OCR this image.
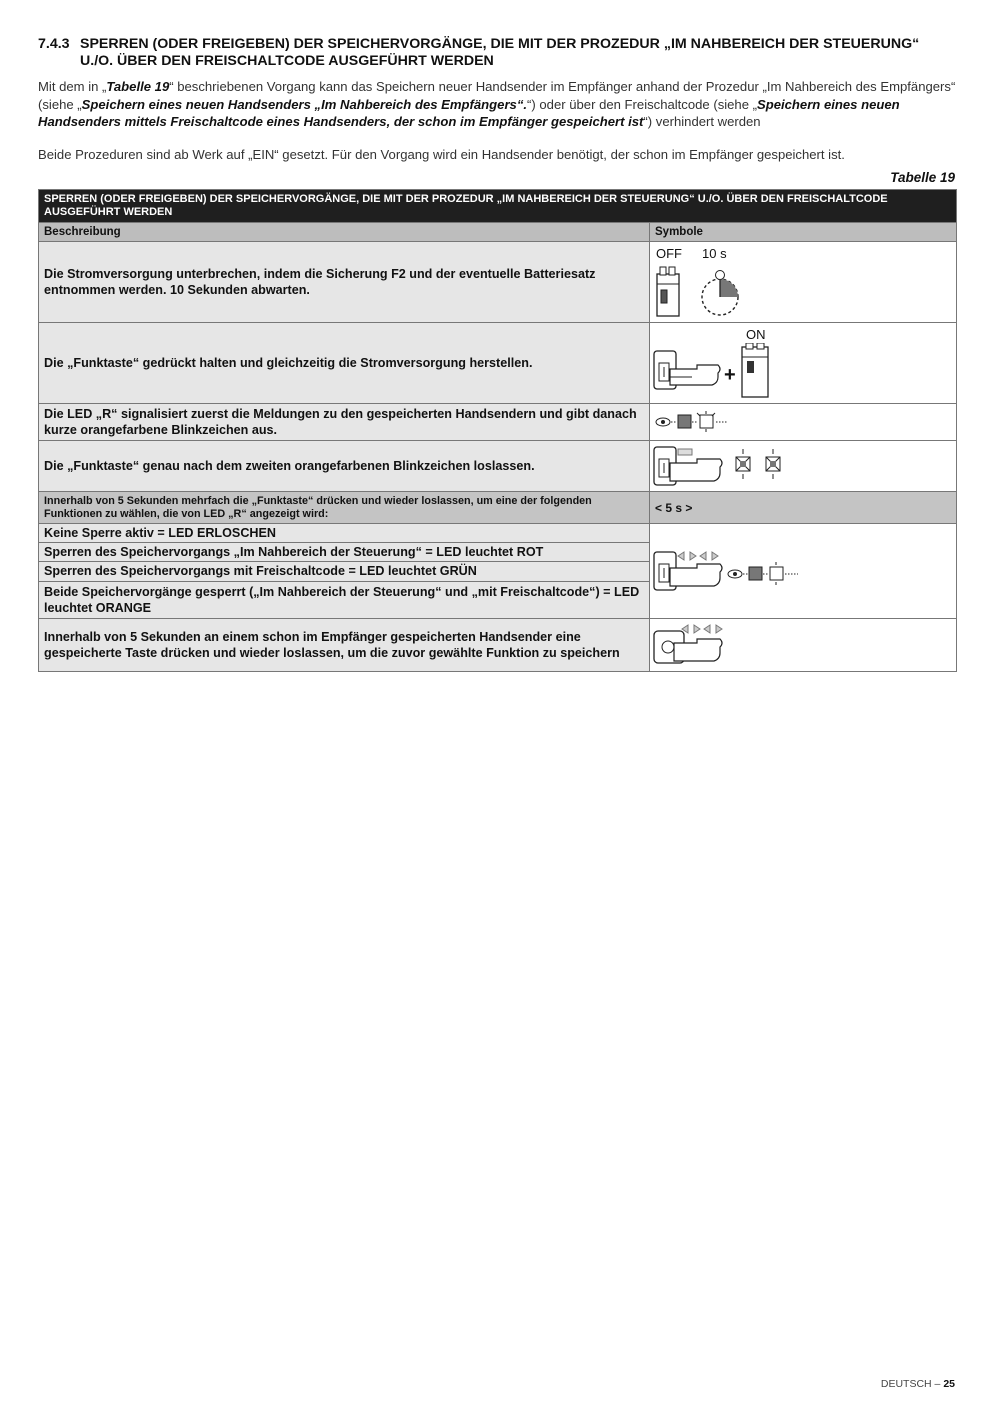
7.4.3 SPERREN (ODER FREIGEBEN) DER SPEICHERVORGÄNGE, DIE MIT DER PROZEDUR „IM NAHBEREICH DER STEUERUNG“ U./O. ÜBER DEN FREISCHALTCODE AUSGEFÜHRT WERDEN
Mit dem in „Tabelle 19“ beschriebenen Vorgang kann das Speichern neuer Handsender im Empfänger anhand der Prozedur „Im Nahbereich des Empfängers“ (siehe „Speichern eines neuen Handsenders „Im Nahbereich des Empfängers“.“) oder über den Freischaltcode (siehe „Speichern eines neuen Handsenders mittels Freischaltcode eines Handsenders, der schon im Empfänger gespeichert ist“) verhindert werden
Beide Prozeduren sind ab Werk auf „EIN“ gesetzt. Für den Vorgang wird ein Handsender benötigt, der schon im Empfänger gespeichert ist.
Tabelle 19
SPERREN (ODER FREIGEBEN) DER SPEICHERVORGÄNGE, DIE MIT DER PROZEDUR „IM NAHBEREICH DER STEUERUNG“ U./O. ÜBER DEN FREISCHALTCODE AUSGEFÜHRT WERDEN	
Beschreibung	Symbole
Die Stromversorgung unterbrechen, indem die Sicherung F2 und der eventuelle Batteriesatz entnommen werden. 10 Sekunden abwarten.	OFF 10 s

Die „Funktaste“ gedrückt halten und gleichzeitig die Stromversorgung herstellen.	ON
+

Die LED „R“ signalisiert zuerst die Meldungen zu den gespeicherten Handsendern und gibt danach kurze orangefarbene Blinkzeichen aus.	

Die „Funktaste“ genau nach dem zweiten orangefarbenen Blinkzeichen loslassen.	

Innerhalb von 5 Sekunden mehrfach die „Funktaste“ drücken und wieder loslassen, um eine der folgenden Funktionen zu wählen, die von LED „R“ angezeigt wird:	< 5 s >
Keine Sperre aktiv = LED ERLOSCHEN	

Sperren des Speichervorgangs „Im Nahbereich der Steuerung“ = LED leuchtet ROT	
Sperren des Speichervorgangs mit Freischaltcode = LED leuchtet GRÜN	
Beide Speichervorgänge gesperrt („Im Nahbereich der Steuerung“ und „mit Freischaltcode“) = LED leuchtet ORANGE	
Innerhalb von 5 Sekunden an einem schon im Empfänger gespeicherten Handsender eine gespeicherte Taste drücken und wieder loslassen, um die zuvor gewählte Funktion zu speichern	
DEUTSCH – 25
